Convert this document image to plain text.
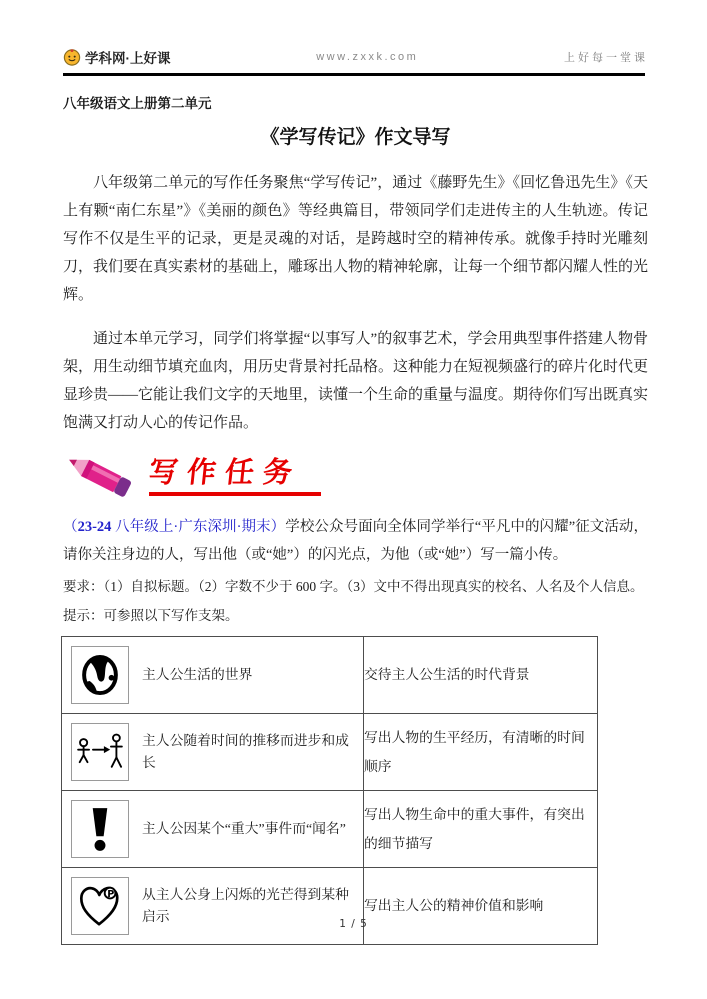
学科网·上好课	www.zxxk.com	上好每一堂课
八年级语文上册第二单元
《学写传记》作文导写

八年级第二单元的写作任务聚焦“学写传记”，通过《藤野先生》《回忆鲁迅先生》《天上有颗“南仁东星”》《美丽的颜色》等经典篇目，带领同学们走进传主的人生轨迹。传记写作不仅是生平的记录，更是灵魂的对话，是跨越时空的精神传承。就像手持时光雕刻刀，我们要在真实素材的基础上，雕琢出人物的精神轮廓，让每一个细节都闪耀人性的光辉。

通过本单元学习，同学们将掌握“以事写人”的叙事艺术，学会用典型事件搭建人物骨架，用生动细节填充血肉，用历史背景衬托品格。这种能力在短视频盛行的碎片化时代更显珍贵——它能让我们文字的天地里，读懂一个生命的重量与温度。期待你们写出既真实饱满又打动人心的传记作品。

写作任务

（23-24 八年级上·广东深圳·期末）学校公众号面向全体同学举行“平凡中的闪耀”征文活动，请你关注身边的人，写出他（或“她”）的闪光点，为他（或“她”）写一篇小传。

要求：（1）自拟标题。（2）字数不少于 600 字。（3）文中不得出现真实的校名、人名及个人信息。

提示：可参照以下写作支架。

主人公生活的世界	交待主人公生活的时代背景

主人公随着时间的推移而进步和成长	写出人物的生平经历，有清晰的时间顺序

主人公因某个“重大”事件而“闻名”	写出人物生命中的重大事件，有突出的细节描写

P 从主人公身上闪烁的光芒得到某种启示	写出主人公的精神价值和影响
1 / 5
